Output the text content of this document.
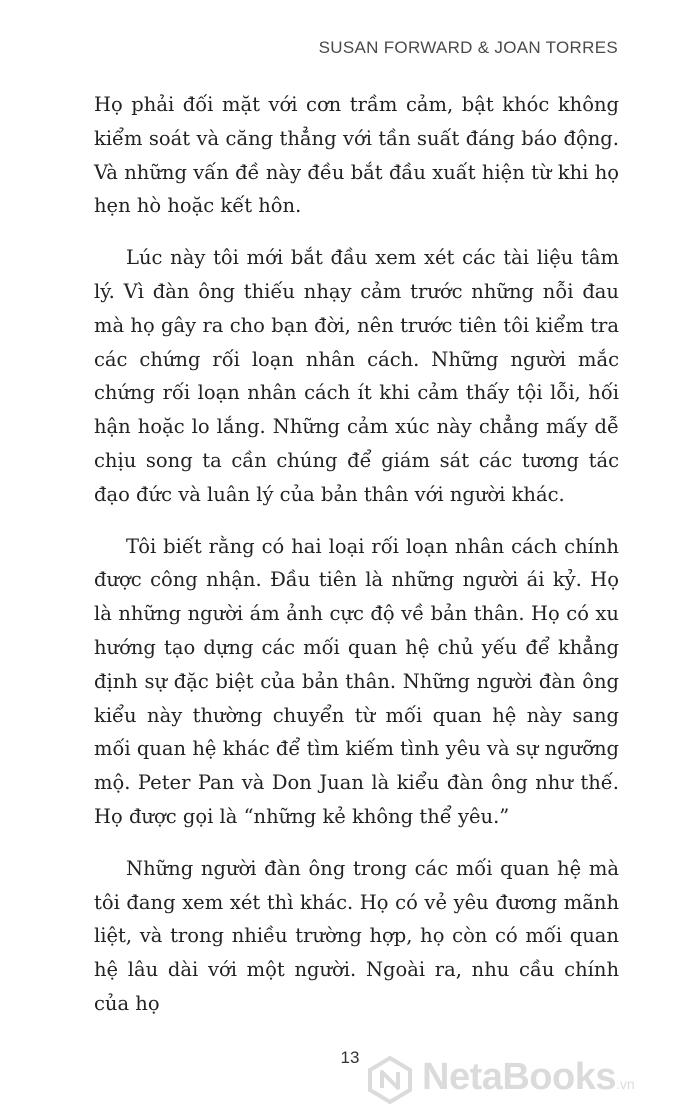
SUSAN FORWARD & JOAN TORRES

Họ phải đối mặt với cơn trầm cảm, bật khóc không kiểm soát và căng thẳng với tần suất đáng báo động. Và những vấn đề này đều bắt đầu xuất hiện từ khi họ hẹn hò hoặc kết hôn.

Lúc này tôi mới bắt đầu xem xét các tài liệu tâm lý. Vì đàn ông thiếu nhạy cảm trước những nỗi đau mà họ gây ra cho bạn đời, nên trước tiên tôi kiểm tra các chứng rối loạn nhân cách. Những người mắc chứng rối loạn nhân cách ít khi cảm thấy tội lỗi, hối hận hoặc lo lắng. Những cảm xúc này chẳng mấy dễ chịu song ta cần chúng để giám sát các tương tác đạo đức và luân lý của bản thân với người khác.

Tôi biết rằng có hai loại rối loạn nhân cách chính được công nhận. Đầu tiên là những người ái kỷ. Họ là những người ám ảnh cực độ về bản thân. Họ có xu hướng tạo dựng các mối quan hệ chủ yếu để khẳng định sự đặc biệt của bản thân. Những người đàn ông kiểu này thường chuyển từ mối quan hệ này sang mối quan hệ khác để tìm kiếm tình yêu và sự ngưỡng mộ. Peter Pan và Don Juan là kiểu đàn ông như thế. Họ được gọi là “những kẻ không thể yêu.”

Những người đàn ông trong các mối quan hệ mà tôi đang xem xét thì khác. Họ có vẻ yêu đương mãnh liệt, và trong nhiều trường hợp, họ còn có mối quan hệ lâu dài với một người. Ngoài ra, nhu cầu chính của họ

13	NetaBooks.vn
